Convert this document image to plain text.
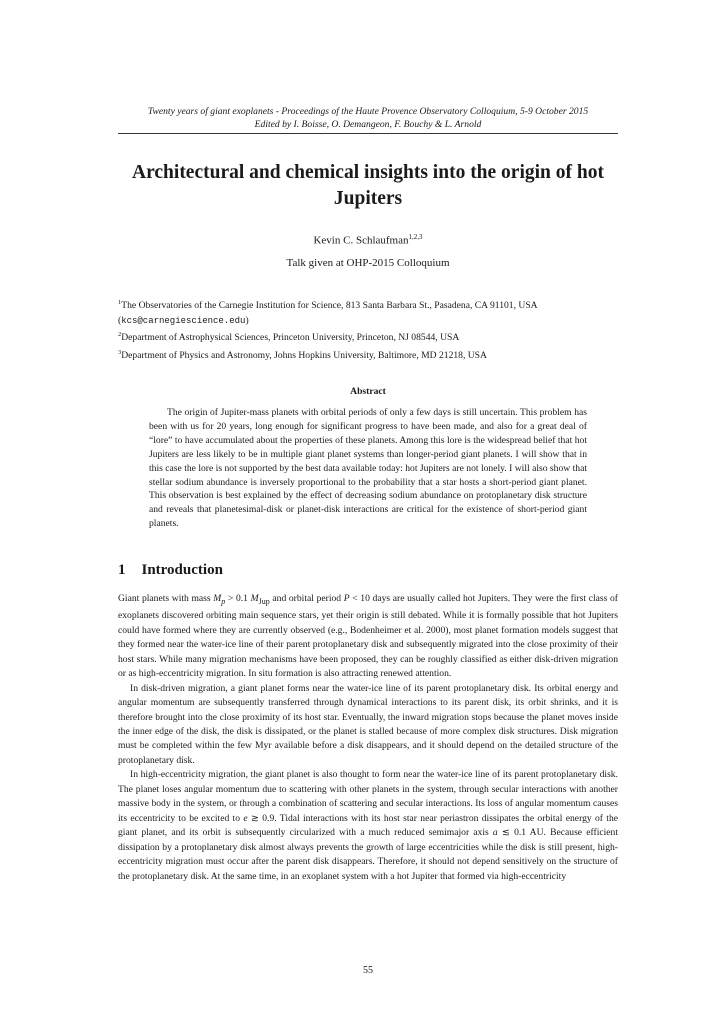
Twenty years of giant exoplanets - Proceedings of the Haute Provence Observatory Colloquium, 5-9 October 2015
Edited by I. Boisse, O. Demangeon, F. Bouchy & L. Arnold
Architectural and chemical insights into the origin of hot Jupiters
Kevin C. Schlaufman$^{1,2,3}$
Talk given at OHP-2015 Colloquium
$^1$The Observatories of the Carnegie Institution for Science, 813 Santa Barbara St., Pasadena, CA 91101, USA
(kcs@carnegiescience.edu)
$^2$Department of Astrophysical Sciences, Princeton University, Princeton, NJ 08544, USA
$^3$Department of Physics and Astronomy, Johns Hopkins University, Baltimore, MD 21218, USA
Abstract

The origin of Jupiter-mass planets with orbital periods of only a few days is still uncertain. This problem has been with us for 20 years, long enough for significant progress to have been made, and also for a great deal of “lore” to have accumulated about the properties of these planets. Among this lore is the widespread belief that hot Jupiters are less likely to be in multiple giant planet systems than longer-period giant planets. I will show that in this case the lore is not supported by the best data available today: hot Jupiters are not lonely. I will also show that stellar sodium abundance is inversely proportional to the probability that a star hosts a short-period giant planet. This observation is best explained by the effect of decreasing sodium abundance on protoplanetary disk structure and reveals that planetesimal-disk or planet-disk interactions are critical for the existence of short-period giant planets.

1 Introduction

Giant planets with mass $M_p > 0.1$ $M_{Jup}$ and orbital period P < 10 days are usually called hot Jupiters. They were the first class of exoplanets discovered orbiting main sequence stars, yet their origin is still debated. While it is formally possible that hot Jupiters could have formed where they are currently observed (e.g., Bodenheimer et al. 2000), most planet formation models suggest that they formed near the water-ice line of their parent protoplanetary disk and subsequently migrated into the close proximity of their host stars. While many migration mechanisms have been proposed, they can be roughly classified as either disk-driven migration or as high-eccentricity migration. In situ formation is also attracting renewed attention.

In disk-driven migration, a giant planet forms near the water-ice line of its parent protoplanetary disk. Its orbital energy and angular momentum are subsequently transferred through dynamical interactions to its parent disk, its orbit shrinks, and it is therefore brought into the close proximity of its host star. Eventually, the inward migration stops because the planet moves inside the inner edge of the disk, the disk is dissipated, or the planet is stalled because of more complex disk structures. Disk migration must be completed within the few Myr available before a disk disappears, and it should depend on the detailed structure of the protoplanetary disk.

In high-eccentricity migration, the giant planet is also thought to form near the water-ice line of its parent protoplanetary disk. The planet loses angular momentum due to scattering with other planets in the system, through secular interactions with another massive body in the system, or through a combination of scattering and secular interactions. Its loss of angular momentum causes its eccentricity to be excited to e ≳ 0.9. Tidal interactions with its host star near periastron dissipates the orbital energy of the giant planet, and its orbit is subsequently circularized with a much reduced semimajor axis a ≲ 0.1 AU. Because efficient dissipation by a protoplanetary disk almost always prevents the growth of large eccentricities while the disk is still present, high-eccentricity migration must occur after the parent disk disappears. Therefore, it should not depend sensitively on the structure of the protoplanetary disk. At the same time, in an exoplanet system with a hot Jupiter that formed via high-eccentricity

55
